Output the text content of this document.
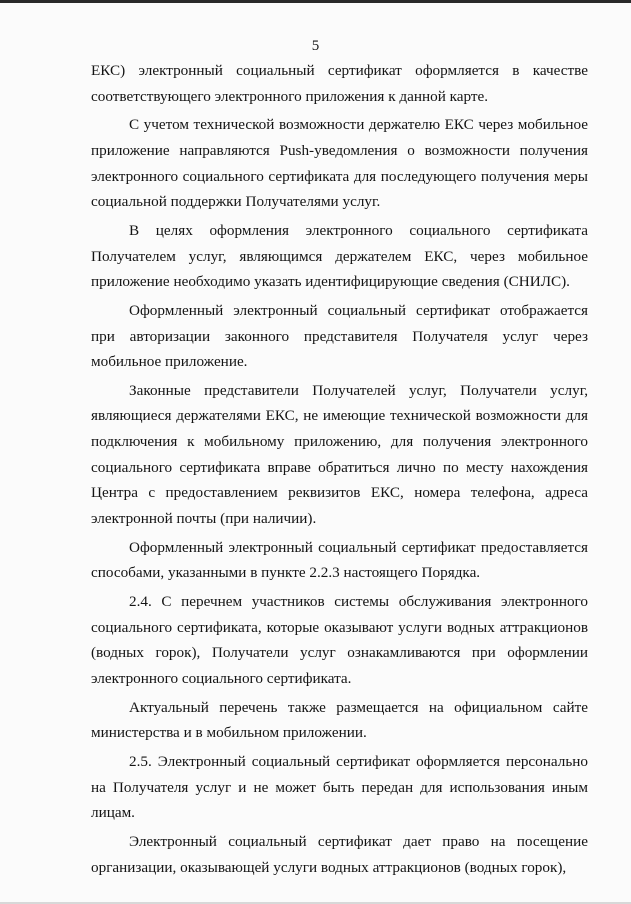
5

ЕКС) электронный социальный сертификат оформляется в качестве соответствующего электронного приложения к данной карте.

С учетом технической возможности держателю ЕКС через мобильное приложение направляются Push-уведомления о возможности получения электронного социального сертификата для последующего получения меры социальной поддержки Получателями услуг.

В целях оформления электронного социального сертификата Получателем услуг, являющимся держателем ЕКС, через мобильное приложение необходимо указать идентифицирующие сведения (СНИЛС).

Оформленный электронный социальный сертификат отображается при авторизации законного представителя Получателя услуг через мобильное приложение.

Законные представители Получателей услуг, Получатели услуг, являющиеся держателями ЕКС, не имеющие технической возможности для подключения к мобильному приложению, для получения электронного социального сертификата вправе обратиться лично по месту нахождения Центра с предоставлением реквизитов ЕКС, номера телефона, адреса электронной почты (при наличии).

Оформленный электронный социальный сертификат предоставляется способами, указанными в пункте 2.2.3 настоящего Порядка.

2.4. С перечнем участников системы обслуживания электронного социального сертификата, которые оказывают услуги водных аттракционов (водных горок), Получатели услуг ознакамливаются при оформлении электронного социального сертификата.

Актуальный перечень также размещается на официальном сайте министерства и в мобильном приложении.

2.5. Электронный социальный сертификат оформляется персонально на Получателя услуг и не может быть передан для использования иным лицам.

Электронный социальный сертификат дает право на посещение организации, оказывающей услуги водных аттракционов (водных горок),
